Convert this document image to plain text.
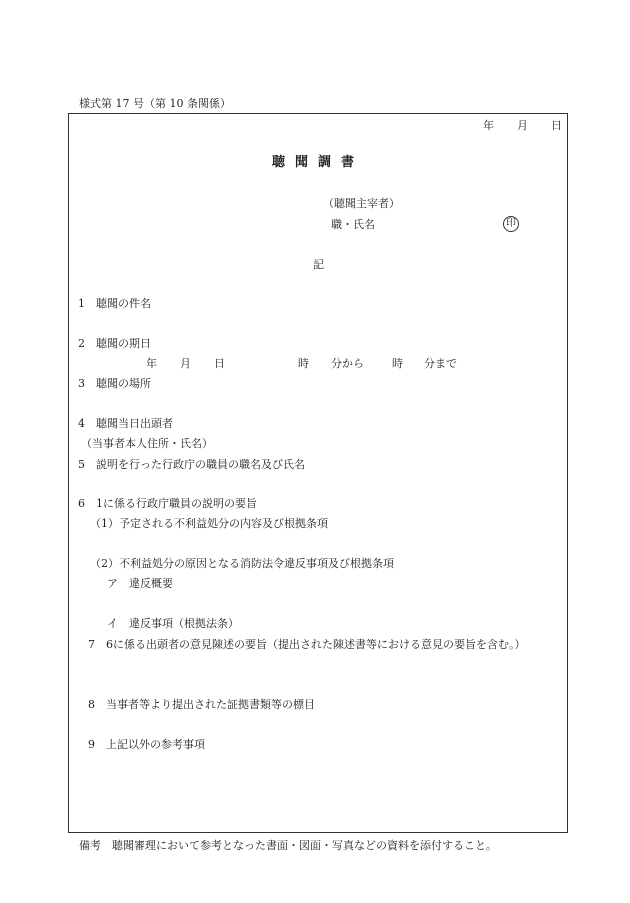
様式第 17 号（第 10 条関係）
年 月 日
聴聞調書
（聴聞主宰者）
職・氏名	印
記
1　聴聞の件名
2　聴聞の期日
年 月 日	時 分から	時 分まで
3　聴聞の場所
4　聴聞当日出頭者
（当事者本人住所・氏名）
5　説明を行った行政庁の職員の職名及び氏名
6　1に係る行政庁職員の説明の要旨
（1）予定される不利益処分の内容及び根拠条項
（2）不利益処分の原因となる消防法令違反事項及び根拠条項
ア　違反概要
イ　違反事項（根拠法条）
7　6に係る出頭者の意見陳述の要旨（提出された陳述書等における意見の要旨を含む。）
8　当事者等より提出された証拠書類等の標目
9　上記以外の参考事項
備考　聴聞審理において参考となった書面・図面・写真などの資料を添付すること。
